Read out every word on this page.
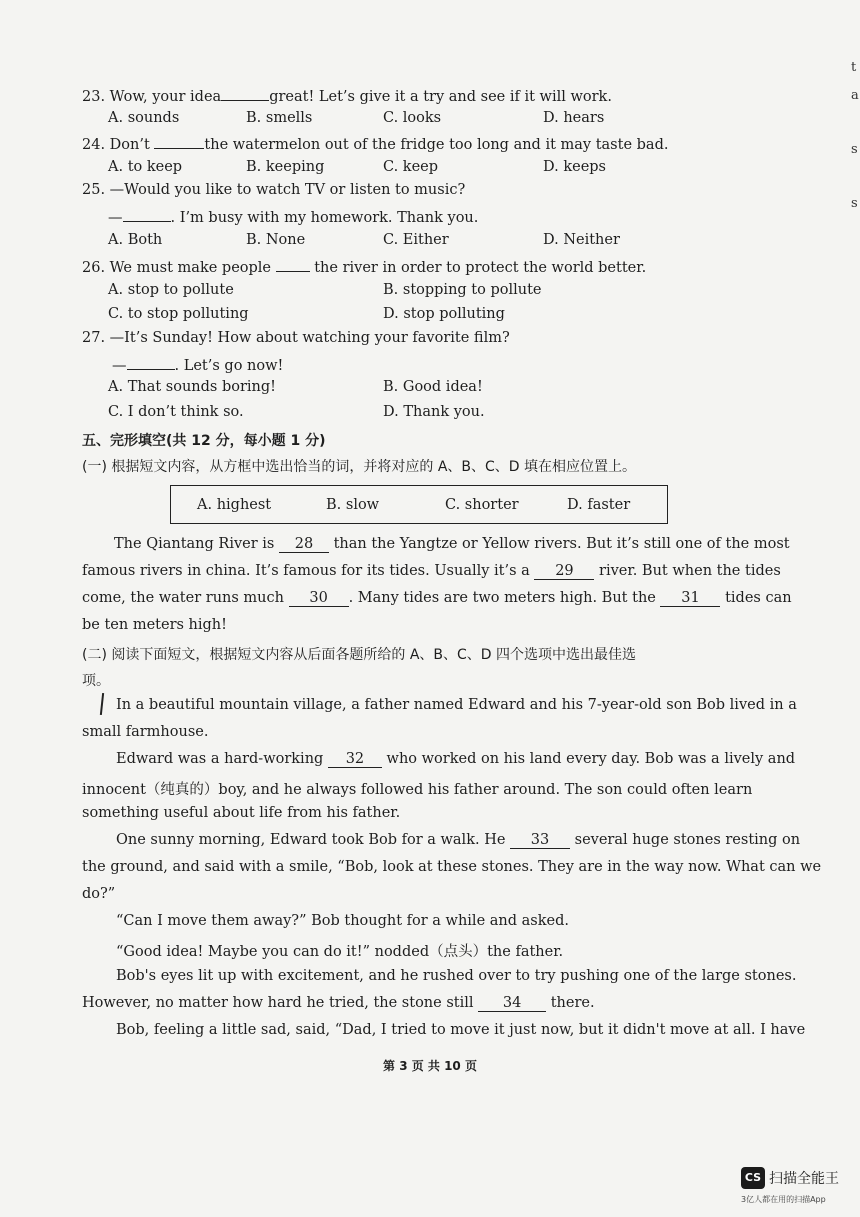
23. Wow, your idea	great! Let’s give it a try and see if it will work.
A. sounds	B. smells	C. looks	D. hears
24. Don’t	the watermelon out of the fridge too long and it may taste bad.
A. to keep	B. keeping	C. keep	D. keeps
25. —Would you like to watch TV or listen to music?
—	. I’m busy with my homework. Thank you.
A. Both	B. None	C. Either	D. Neither
26. We must make people	the river in order to protect the world better.
A. stop to pollute	B. stopping to pollute
C. to stop polluting	D. stop polluting
27. —It’s Sunday! How about watching your favorite film?
—	. Let’s go now!
A. That sounds boring!	B. Good idea!
C. I don’t think so.	D. Thank you.
五、完形填空(共 12 分，每小题 1 分)
(一) 根据短文内容，从方框中选出恰当的词，并将对应的 A、B、C、D 填在相应位置上。
A. highest	B. slow	C. shorter	D. faster
The Qiantang River is 28 than the Yangtze or Yellow rivers. But it’s still one of the most
famous rivers in china. It’s famous for its tides. Usually it’s a 29 river. But when the tides
come, the water runs much 30 . Many tides are two meters high. But the 31 tides can
be ten meters high!
(二) 阅读下面短文，根据短文内容从后面各题所给的 A、B、C、D 四个选项中选出最佳选
项。
In a beautiful mountain village, a father named Edward and his 7-year-old son Bob lived in a
small farmhouse.
Edward was a hard-working 32 who worked on his land every day. Bob was a lively and
innocent（纯真的）boy, and he always followed his father around. The son could often learn
something useful about life from his father.
One sunny morning, Edward took Bob for a walk. He 33 several huge stones resting on
the ground, and said with a smile, “Bob, look at these stones. They are in the way now. What can we
do?”
“Can I move them away?” Bob thought for a while and asked.
“Good idea! Maybe you can do it!” nodded（点头）the father.
Bob's eyes lit up with excitement, and he rushed over to try pushing one of the large stones.
However, no matter how hard he tried, the stone still 34 there.
Bob, feeling a little sad, said, “Dad, I tried to move it just now, but it didn't move at all. I have
第 3 页 共 10 页
t
a
s
s
CS 扫描全能王
3亿人都在用的扫描App
